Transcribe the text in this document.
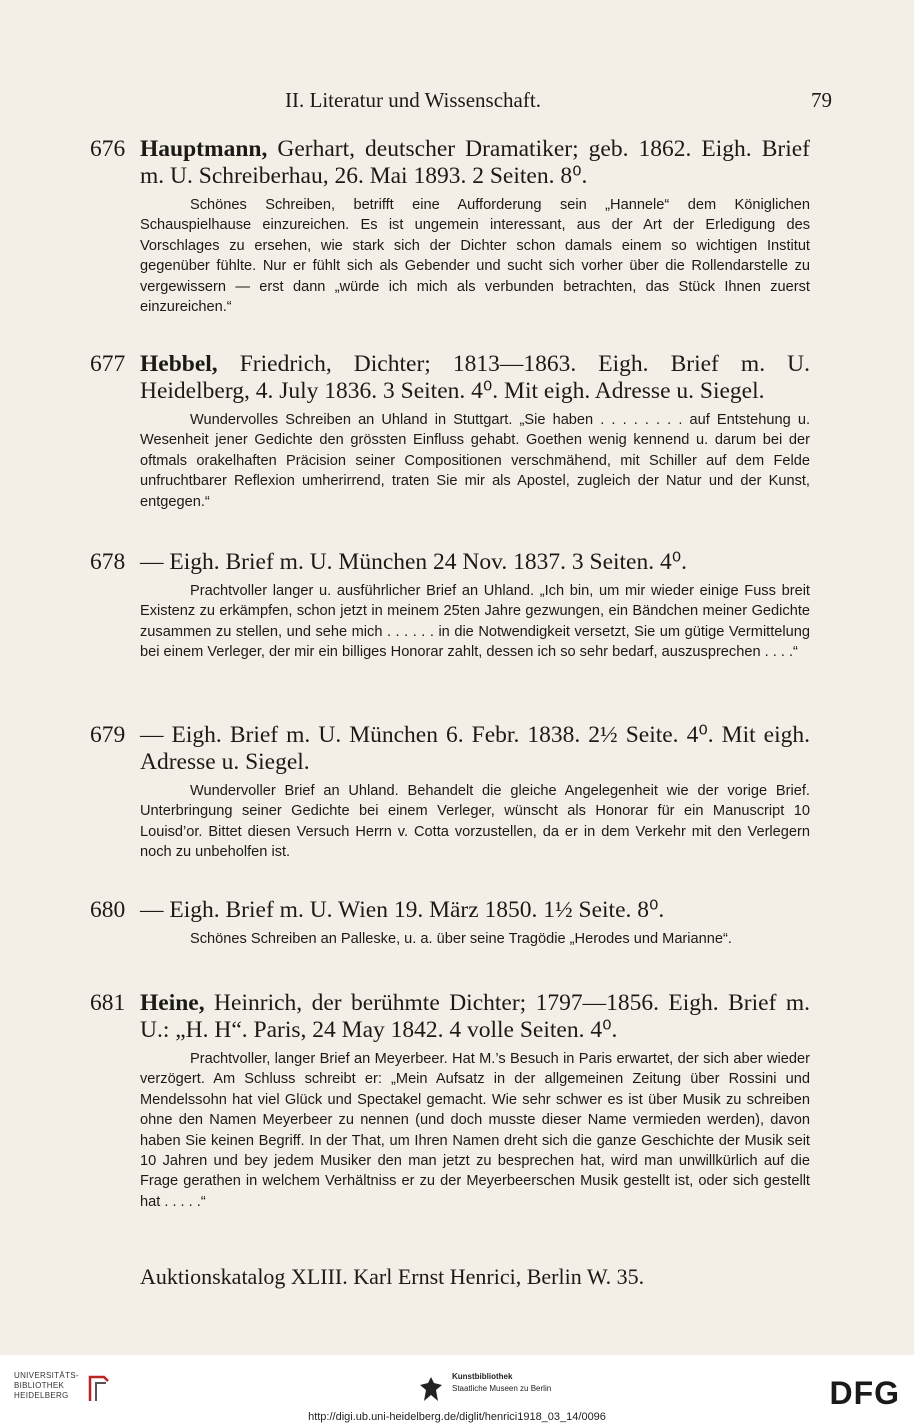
II. Literatur und Wissenschaft.	79
676 Hauptmann, Gerhart, deutscher Dramatiker; geb. 1862. Eigh. Brief m. U. Schreiberhau, 26. Mai 1893. 2 Seiten. 8⁰.
Schönes Schreiben, betrifft eine Aufforderung sein „Hannele“ dem Königlichen Schauspielhause einzureichen. Es ist ungemein interessant, aus der Art der Erledigung des Vorschlages zu ersehen, wie stark sich der Dichter schon damals einem so wichtigen Institut gegenüber fühlte. Nur er fühlt sich als Gebender und sucht sich vorher über die Rollendarstelle zu vergewissern — erst dann „würde ich mich als verbunden betrachten, das Stück Ihnen zuerst einzureichen.“
677 Hebbel, Friedrich, Dichter; 1813—1863. Eigh. Brief m. U. Heidelberg, 4. July 1836. 3 Seiten. 4⁰. Mit eigh. Adresse u. Siegel.
Wundervolles Schreiben an Uhland in Stuttgart. „Sie haben . . . . . . . . auf Entstehung u. Wesenheit jener Gedichte den grössten Einfluss gehabt. Goethen wenig kennend u. darum bei der oftmals orakelhaften Präcision seiner Compositionen verschmähend, mit Schiller auf dem Felde unfruchtbarer Reflexion umherirrend, traten Sie mir als Apostel, zugleich der Natur und der Kunst, entgegen.“
678 — Eigh. Brief m. U. München 24 Nov. 1837. 3 Seiten. 4⁰.
Prachtvoller langer u. ausführlicher Brief an Uhland. „Ich bin, um mir wieder einige Fuss breit Existenz zu erkämpfen, schon jetzt in meinem 25ten Jahre gezwungen, ein Bändchen meiner Gedichte zusammen zu stellen, und sehe mich . . . . . . in die Notwendigkeit versetzt, Sie um gütige Vermittelung bei einem Verleger, der mir ein billiges Honorar zahlt, dessen ich so sehr bedarf, auszusprechen . . . .“
679 — Eigh. Brief m. U. München 6. Febr. 1838. 2½ Seite. 4⁰. Mit eigh. Adresse u. Siegel.
Wundervoller Brief an Uhland. Behandelt die gleiche Angelegenheit wie der vorige Brief. Unterbringung seiner Gedichte bei einem Verleger, wünscht als Honorar für ein Manuscript 10 Louisd’or. Bittet diesen Versuch Herrn v. Cotta vorzustellen, da er in dem Verkehr mit den Verlegern noch zu unbeholfen ist.
680 — Eigh. Brief m. U. Wien 19. März 1850. 1½ Seite. 8⁰.
Schönes Schreiben an Palleske, u. a. über seine Tragödie „Herodes und Marianne“.
681 Heine, Heinrich, der berühmte Dichter; 1797—1856. Eigh. Brief m. U.: „H. H“. Paris, 24 May 1842. 4 volle Seiten. 4⁰.
Prachtvoller, langer Brief an Meyerbeer. Hat M.’s Besuch in Paris erwartet, der sich aber wieder verzögert. Am Schluss schreibt er: „Mein Aufsatz in der allgemeinen Zeitung über Rossini und Mendelssohn hat viel Glück und Spectakel gemacht. Wie sehr schwer es ist über Musik zu schreiben ohne den Namen Meyerbeer zu nennen (und doch musste dieser Name vermieden werden), davon haben Sie keinen Begriff. In der That, um Ihren Namen dreht sich die ganze Geschichte der Musik seit 10 Jahren und bey jedem Musiker den man jetzt zu besprechen hat, wird man unwillkürlich auf die Frage gerathen in welchem Verhältniss er zu der Meyerbeerschen Musik gestellt ist, oder sich gestellt hat . . . . .“
Auktionskatalog XLIII. Karl Ernst Henrici, Berlin W. 35.
UNIVERSITÄTS-
BIBLIOTHEK
HEIDELBERG
Kunstbibliothek
Staatliche Museen zu Berlin	DFG
http://digi.ub.uni-heidelberg.de/diglit/henrici1918_03_14/0096
